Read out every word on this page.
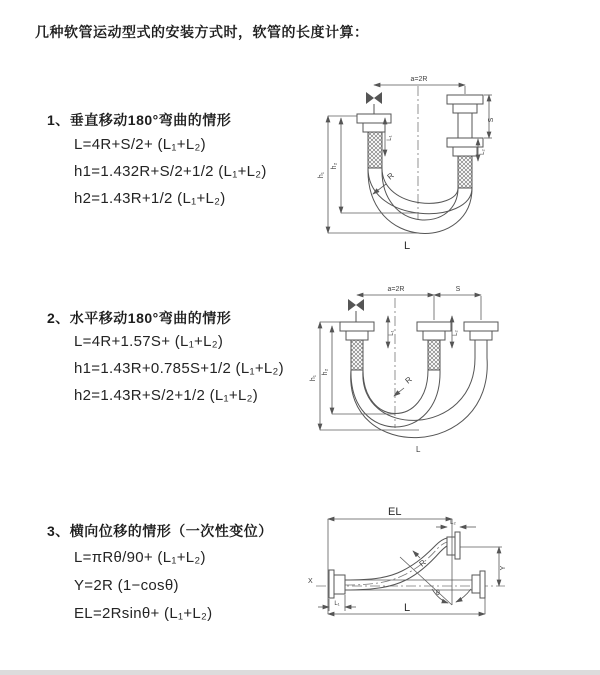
几种软管运动型式的安装方式时，软管的长度计算：
1、垂直移动180°弯曲的情形
L=4R+S/2+ (L₁+L₂)
h1=1.432R+S/2+1/2 (L₁+L₂)
h2=1.43R+1/2 (L₁+L₂)
2、水平移动180°弯曲的情形
L=4R+1.57S+ (L₁+L₂)
h1=1.43R+0.785S+1/2 (L₁+L₂)
h2=1.43R+S/2+1/2 (L₁+L₂)
3、横向位移的情形（一次性变位）
L=πRθ/90+ (L₁+L₂)
Y=2R (1−cosθ)
EL=2Rsinθ+ (L₁+L₂)
a=2R
S
L₂
L₁
h₁
h₂
R
L
a=2R	S
h₁
h₂
L₁	L₂
R
L
X
θ
R
EL
L₂
Y
L
L₁
